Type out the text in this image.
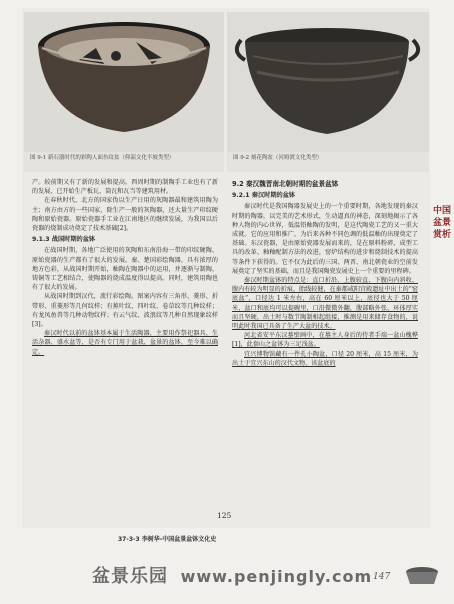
图 9-1 新石器时代的彩陶人面鱼纹盆（仰韶文化半坡类型）	图 9-2 刻花陶盆（河姆渡文化类型）

产。较前期又有了新的发展和提高。西周时期的制陶手工业也有了新的发展，已开始生产板瓦、筒瓦和瓦当等建筑用材。

在春秋时代，北方的国家伪以生产日用的灰陶器最和建筑用陶为主；南方由方的一些国家，除生产一般的灰陶器，还大量生产印纹硬陶和原始瓷器。原始瓷器手工业在江南地区的继续发展，为我国以后瓷器的烧制成功奠定了技术基础[2]。

9.1.3 战国时期的盆钵

在战国时期，各地广泛使用的灰陶和东南沿海一带的印纹硬陶、原始瓷器的生产都有了很大的发展。秦、楚国彩绘陶器，具有浓厚的地方色彩，从战国时期开始，釉陶在陶器中的运用，并逐渐与制陶、铸铜等工艺相结合，使陶器的烧成温度得以提高。同时，建筑用陶也有了很大的发展。

从战国时期到汉代，流行彩绘陶。图案内容有三角形、菱形、折带形、重菱形等几何纹样；有蕉叶纹、四叶纹、卷草纹等几种纹样；有龙凤鱼兽等几种动物纹样；有云气纹、波浪纹等几种自然现象纹样[3]。

秦汉时代以前的盆钵基本属于生活陶器，主要用作祭祀器具、生活杂器、盛水盆等，是否有专门用于盆栽、盆景的盆钵，至今难以确定。

9.2 秦汉魏晋南北朝时期的盆景盆钵
9.2.1 秦汉时期的盆钵

秦汉时代是我国陶器发展史上的一个重要时期，各地发现的秦汉时期的陶器，以完美的艺术形式，生动逼真的神态，深刻地揭示了各种人物的内心世界，低温铅釉陶的发明，是这代陶瓷工艺的又一重大成就。它的应用和推广，为后来各种不同色调的低温釉的出现奠定了基础。东汉瓷器，是由原始瓷器发展而来的，是在原料粉碎、成型工具的改革、釉釉配制方法的改进，窑炉结构的进步和烧制技术的提高等条件下获得的。它不仅为此后的三国、两晋、南北朝瓷业的空前发展奠定了坚实的基础，而且是我国陶瓷发展史上一个重要的里程碑。

秦汉时期盆钵的特点是：直口折沿、上腹较直、下腹向内斜收、腹内有较为明显的折痕，胎线较健，在秦都咸阳宫殿遗址中出土的“窑底盆”，口径达 1 米左右，高在 60 厘米以上，底径也大于 50 厘米，盆口和底均可以提碗里，口沿微微外翻，腹部略外张，环体厚实而且坚硬，出土时与数节陶制相起组接，推测是用来储存食物的，说明此时我国已具备了生产大盆的技术。

河北省安平东汉墓壁画中，在墓主人身后的侍者手端一盆山槐桦[1]，此套山之盆钵为三足浅盆。

宜兴博物馆藏有一件孔小陶盆，口径 20 厘米，高 15 厘米，为出土于宜兴东山的汉代文物，该盆底的

125
中国盆景赏析
37-3-3 李树华-中国盆景盆钵文化史
盆景乐园 www.penjingly.com 147
